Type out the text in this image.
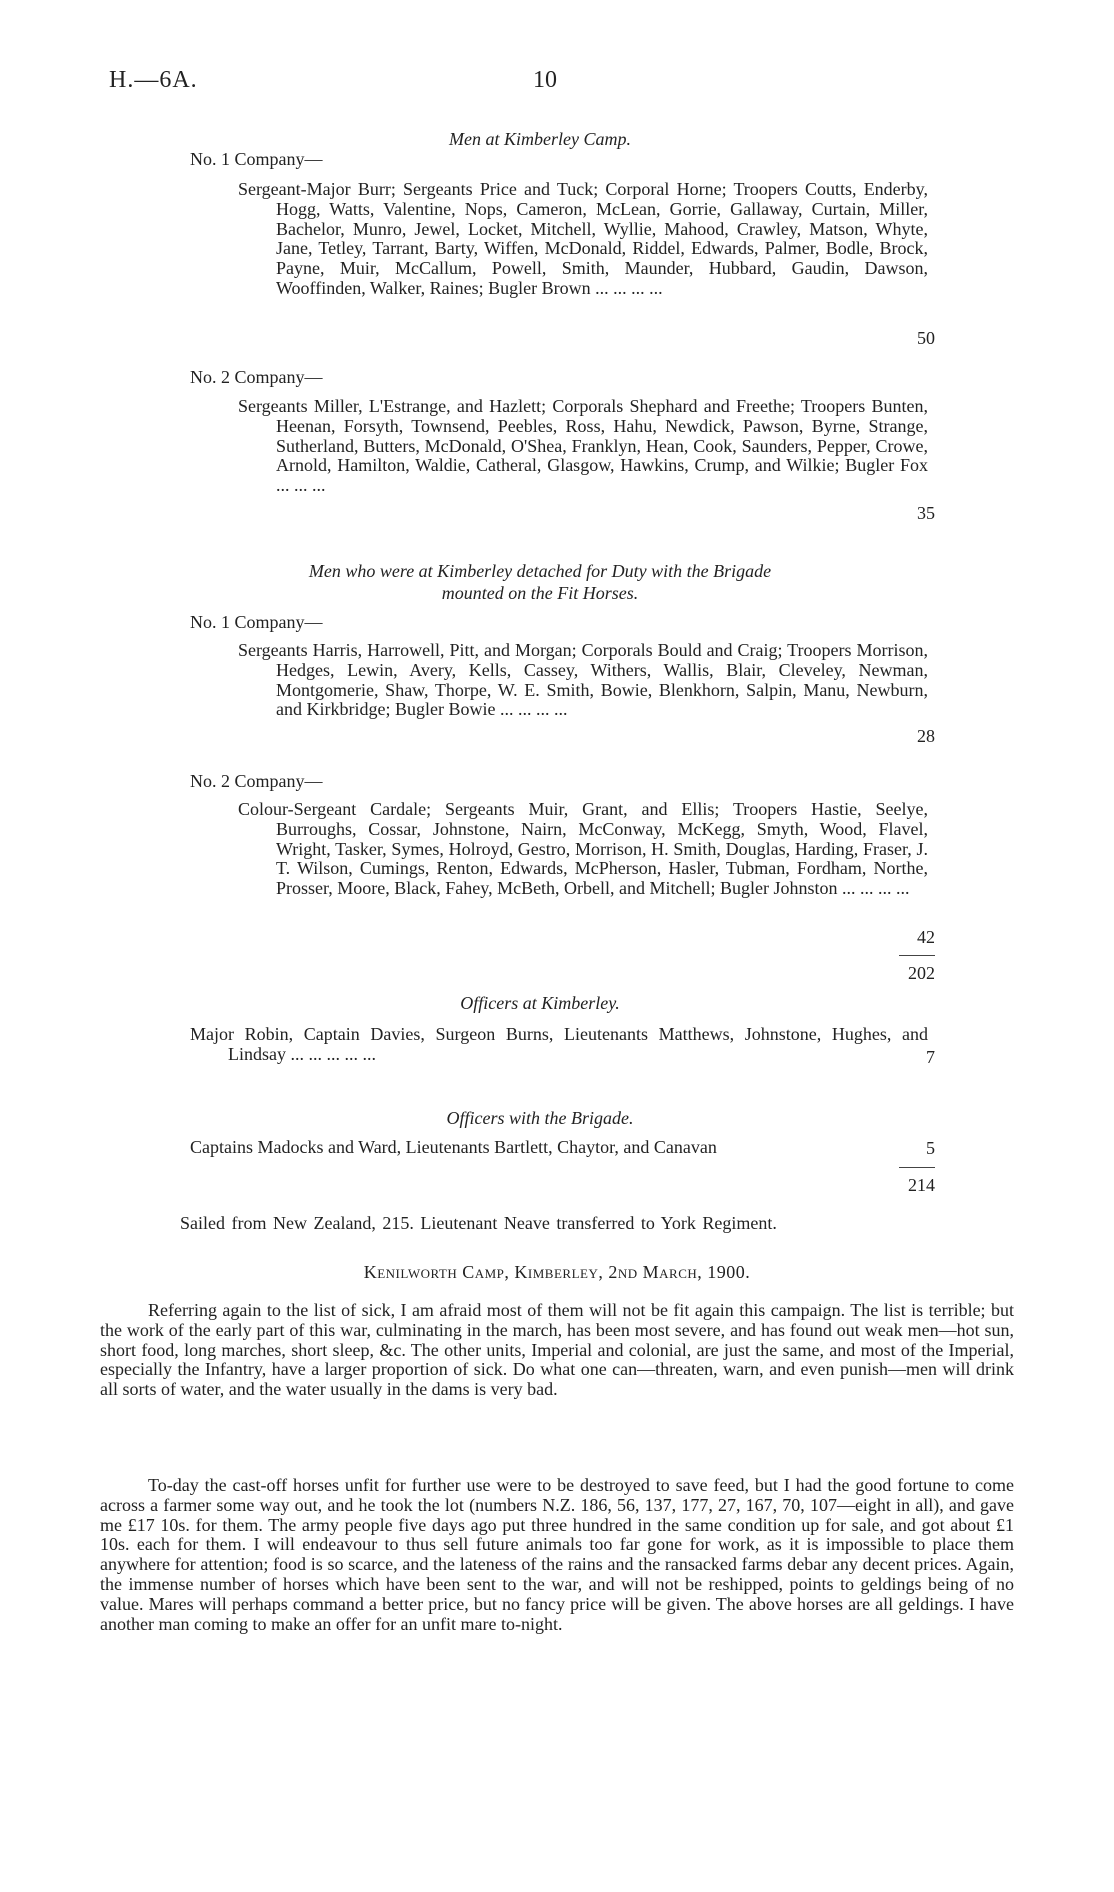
H.—6A.	10
Men at Kimberley Camp.
No. 1 Company—
Sergeant-Major Burr; Sergeants Price and Tuck; Corporal Horne; Troopers Coutts, Enderby, Hogg, Watts, Valentine, Nops, Cameron, McLean, Gorrie, Gallaway, Curtain, Miller, Bachelor, Munro, Jewel, Locket, Mitchell, Wyllie, Mahood, Crawley, Matson, Whyte, Jane, Tetley, Tarrant, Barty, Wiffen, McDonald, Riddel, Edwards, Palmer, Bodle, Brock, Payne, Muir, McCallum, Powell, Smith, Maunder, Hubbard, Gaudin, Dawson, Wooffinden, Walker, Raines; Bugler Brown ... ... ... ...
50
No. 2 Company—
Sergeants Miller, L'Estrange, and Hazlett; Corporals Shephard and Freethe; Troopers Bunten, Heenan, Forsyth, Townsend, Peebles, Ross, Hahu, Newdick, Pawson, Byrne, Strange, Sutherland, Butters, McDonald, O'Shea, Franklyn, Hean, Cook, Saunders, Pepper, Crowe, Arnold, Hamilton, Waldie, Catheral, Glasgow, Hawkins, Crump, and Wilkie; Bugler Fox ... ... ...
35
Men who were at Kimberley detached for Duty with the Brigade
mounted on the Fit Horses.
No. 1 Company—
Sergeants Harris, Harrowell, Pitt, and Morgan; Corporals Bould and Craig; Troopers Morrison, Hedges, Lewin, Avery, Kells, Cassey, Withers, Wallis, Blair, Cleveley, Newman, Montgomerie, Shaw, Thorpe, W. E. Smith, Bowie, Blenkhorn, Salpin, Manu, Newburn, and Kirkbridge; Bugler Bowie ... ... ... ...
28
No. 2 Company—
Colour-Sergeant Cardale; Sergeants Muir, Grant, and Ellis; Troopers Hastie, Seelye, Burroughs, Cossar, Johnstone, Nairn, McConway, McKegg, Smyth, Wood, Flavel, Wright, Tasker, Symes, Holroyd, Gestro, Morrison, H. Smith, Douglas, Harding, Fraser, J. T. Wilson, Cumings, Renton, Edwards, McPherson, Hasler, Tubman, Fordham, Northe, Prosser, Moore, Black, Fahey, McBeth, Orbell, and Mitchell; Bugler Johnston ... ... ... ...
42
202
Officers at Kimberley.
Major Robin, Captain Davies, Surgeon Burns, Lieutenants Matthews, Johnstone, Hughes, and Lindsay ... ... ... ... ...	7
Officers with the Brigade.
Captains Madocks and Ward, Lieutenants Bartlett, Chaytor, and Canavan	5
214
Sailed from New Zealand, 215. Lieutenant Neave transferred to York Regiment.
Kenilworth Camp, Kimberley, 2nd March, 1900.

Referring again to the list of sick, I am afraid most of them will not be fit again this campaign. The list is terrible; but the work of the early part of this war, culminating in the march, has been most severe, and has found out weak men—hot sun, short food, long marches, short sleep, &c. The other units, Imperial and colonial, are just the same, and most of the Imperial, especially the Infantry, have a larger proportion of sick. Do what one can—threaten, warn, and even punish—men will drink all sorts of water, and the water usually in the dams is very bad.

To-day the cast-off horses unfit for further use were to be destroyed to save feed, but I had the good fortune to come across a farmer some way out, and he took the lot (numbers N.Z. 186, 56, 137, 177, 27, 167, 70, 107—eight in all), and gave me £17 10s. for them. The army people five days ago put three hundred in the same condition up for sale, and got about £1 10s. each for them. I will endeavour to thus sell future animals too far gone for work, as it is impossible to place them anywhere for attention; food is so scarce, and the lateness of the rains and the ransacked farms debar any decent prices. Again, the immense number of horses which have been sent to the war, and will not be reshipped, points to geldings being of no value. Mares will perhaps command a better price, but no fancy price will be given. The above horses are all geldings. I have another man coming to make an offer for an unfit mare to-night.
